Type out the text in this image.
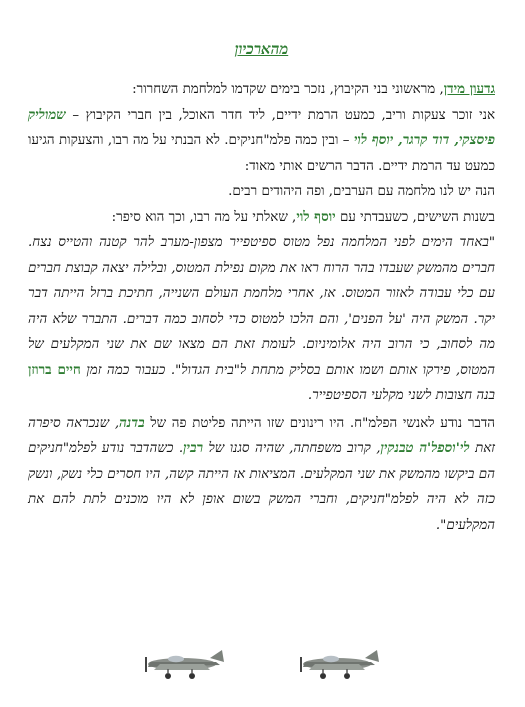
מהארכיון

גדעון מידן, מראשוני בני הקיבוץ, נזכר בימים שקדמו למלחמת השחרור:

אני זוכר צעקות וריב, כמעט הרמת ידיים, ליד חדר האוכל, בין חברי הקיבוץ – שמוליק פיסצקי, דוד קרגר, יוסף לוי – ובין כמה פלמ"חניקים. לא הבנתי על מה רבו, והצעקות הגיעו כמעט עד הרמת ידיים. הדבר הרשים אותי מאוד:

הנה יש לנו מלחמה עם הערבים, ופה היהודים רבים.

בשנות השישים, כשעבדתי עם יוסף לוי, שאלתי על מה רבו, וכך הוא סיפר:

"באחד הימים לפני המלחמה נפל מטוס ספיטפייר מצפון-מערב להר קטנה והטייס נצח. חברים מהמשק שעבדו בהר הרוח ראו את מקום נפילת המטוס, ובלילה יצאה קבוצת חברים עם כלי עבודה לאזור המטוס. אז, אחרי מלחמת העולם השנייה, חתיכת ברזל הייתה דבר יקר. המשק היה 'על הפנים', והם הלכו למטוס כדי לסחוב כמה דברים. התברר שלא היה מה לסחוב, כי הרוב היה אלומיניום. לעומת זאת הם מצאו שם את שני המקלעים של המטוס, פירקו אותם ושמו אותם בסליק מתחת ל"בית הגדול". כעבור כמה זמן חיים ברוזן בנה חצובות לשני מקלעי הספיטפייר.

הדבר נודע לאנשי הפלמ"ח. היו רינונים שזו הייתה פליטת פה של בדנה, שנכראה סיפרה זאת לי'וספל'ה טבנקין, קרוב משפחתה, שהיה סגנו של רבין. כשהדבר נודע לפלמ"חניקים הם ביקשו מהמשק את שני המקלעים. המציאות אז הייתה קשה, היו חסרים כלי נשק, ונשק כזה לא היה לפלמ"חניקים, וחברי המשק בשום אופן לא היו מוכנים לתת להם את המקלעים".
